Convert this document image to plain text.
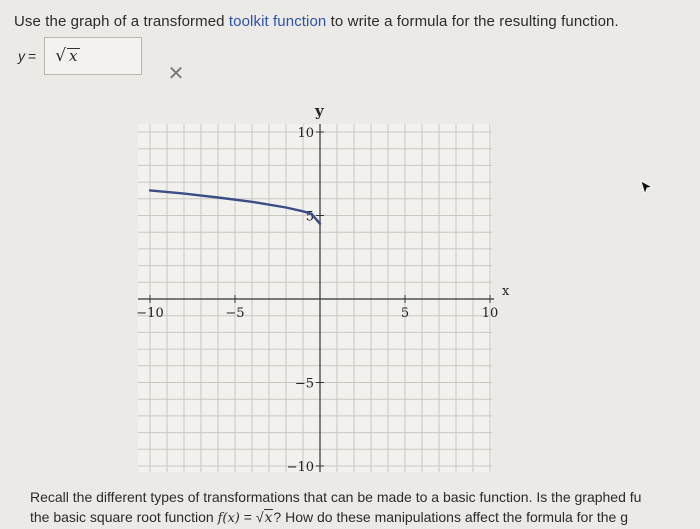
Use the graph of a transformed toolkit function to write a formula for the resulting function.
y = √ x
✕
−10	−5	5	10
10
5
−5
−10
x
y
Recall the different types of transformations that can be made to a basic function. Is the graphed fu
the basic square root function f(x) = √x? How do these manipulations affect the formula for the g
